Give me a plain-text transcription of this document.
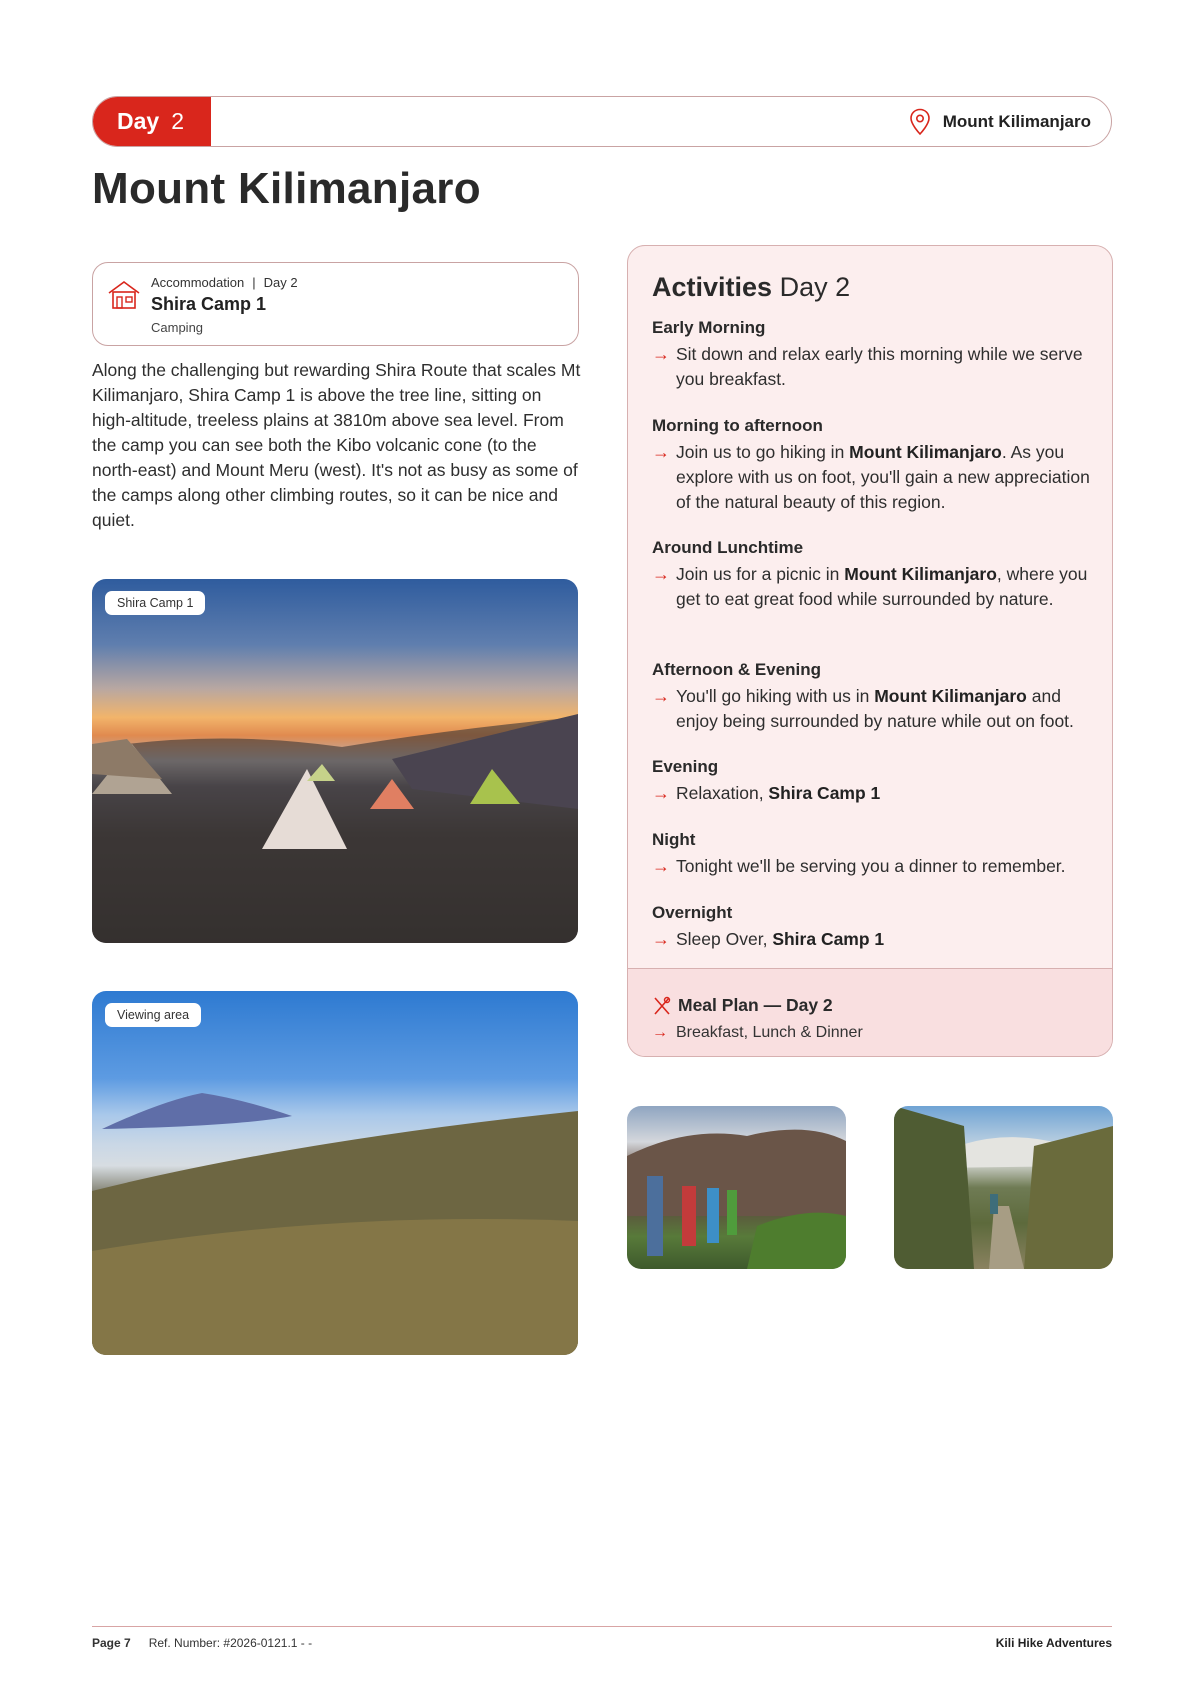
Day 2	Mount Kilimanjaro
Mount Kilimanjaro
Accommodation | Day 2
Shira Camp 1
Camping

Along the challenging but rewarding Shira Route that scales Mt Kilimanjaro, Shira Camp 1 is above the tree line, sitting on high-altitude, treeless plains at 3810m above sea level. From the camp you can see both the Kibo volcanic cone (to the north-east) and Mount Meru (west). It's not as busy as some of the camps along other climbing routes, so it can be nice and quiet.

Shira Camp 1
Viewing area
Activities Day 2
Early Morning
→ Sit down and relax early this morning while we serve you breakfast.
Morning to afternoon
→ Join us to go hiking in Mount Kilimanjaro. As you explore with us on foot, you'll gain a new appreciation of the natural beauty of this region.
Around Lunchtime
→ Join us for a picnic in Mount Kilimanjaro, where you get to eat great food while surrounded by nature.
Afternoon & Evening
→ You'll go hiking with us in Mount Kilimanjaro and enjoy being surrounded by nature while out on foot.
Evening
→ Relaxation, Shira Camp 1
Night
→ Tonight we'll be serving you a dinner to remember.
Overnight
→ Sleep Over, Shira Camp 1
Meal Plan — Day 2
→ Breakfast, Lunch & Dinner
Page 7 Ref. Number: #2026-0121.1 - -	Kili Hike Adventures
